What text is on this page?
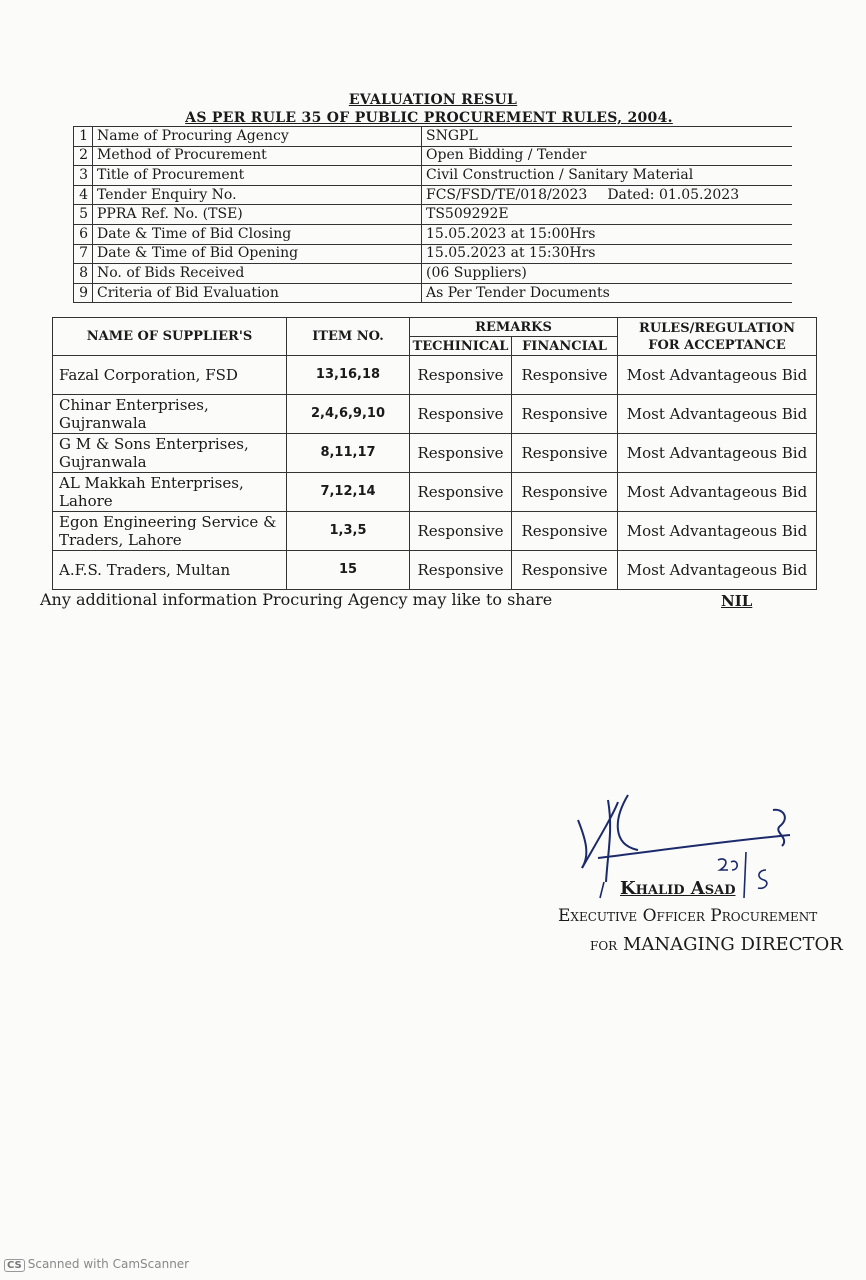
EVALUATION RESUL
AS PER RULE 35 OF PUBLIC PROCUREMENT RULES, 2004.
1	Name of Procuring Agency	SNGPL
2	Method of Procurement	Open Bidding / Tender
3	Title of Procurement	Civil Construction / Sanitary Material
4	Tender Enquiry No.	FCS/FSD/TE/018/2023 Dated: 01.05.2023
5	PPRA Ref. No. (TSE)	TS509292E
6	Date & Time of Bid Closing	15.05.2023 at 15:00Hrs
7	Date & Time of Bid Opening	15.05.2023 at 15:30Hrs
8	No. of Bids Received	(06 Suppliers)
9	Criteria of Bid Evaluation	As Per Tender Documents
NAME OF SUPPLIER'S	ITEM NO.	REMARKS		RULES/REGULATION
FOR ACCEPTANCE

		TECHINICAL	FINANCIAL	
Fazal Corporation, FSD	13,16,18	Responsive	Responsive	Most Advantageous Bid
Chinar Enterprises, Gujranwala	2,4,6,9,10	Responsive	Responsive	Most Advantageous Bid
G M & Sons Enterprises, Gujranwala	8,11,17	Responsive	Responsive	Most Advantageous Bid
AL Makkah Enterprises, Lahore	7,12,14	Responsive	Responsive	Most Advantageous Bid
Egon Engineering Service & Traders, Lahore	1,3,5	Responsive	Responsive	Most Advantageous Bid
A.F.S. Traders, Multan	15	Responsive	Responsive	Most Advantageous Bid
Any additional information Procuring Agency may like to share	NIL
Khalid Asad
Executive Officer Procurement
for MANAGING DIRECTOR
CS Scanned with CamScanner
